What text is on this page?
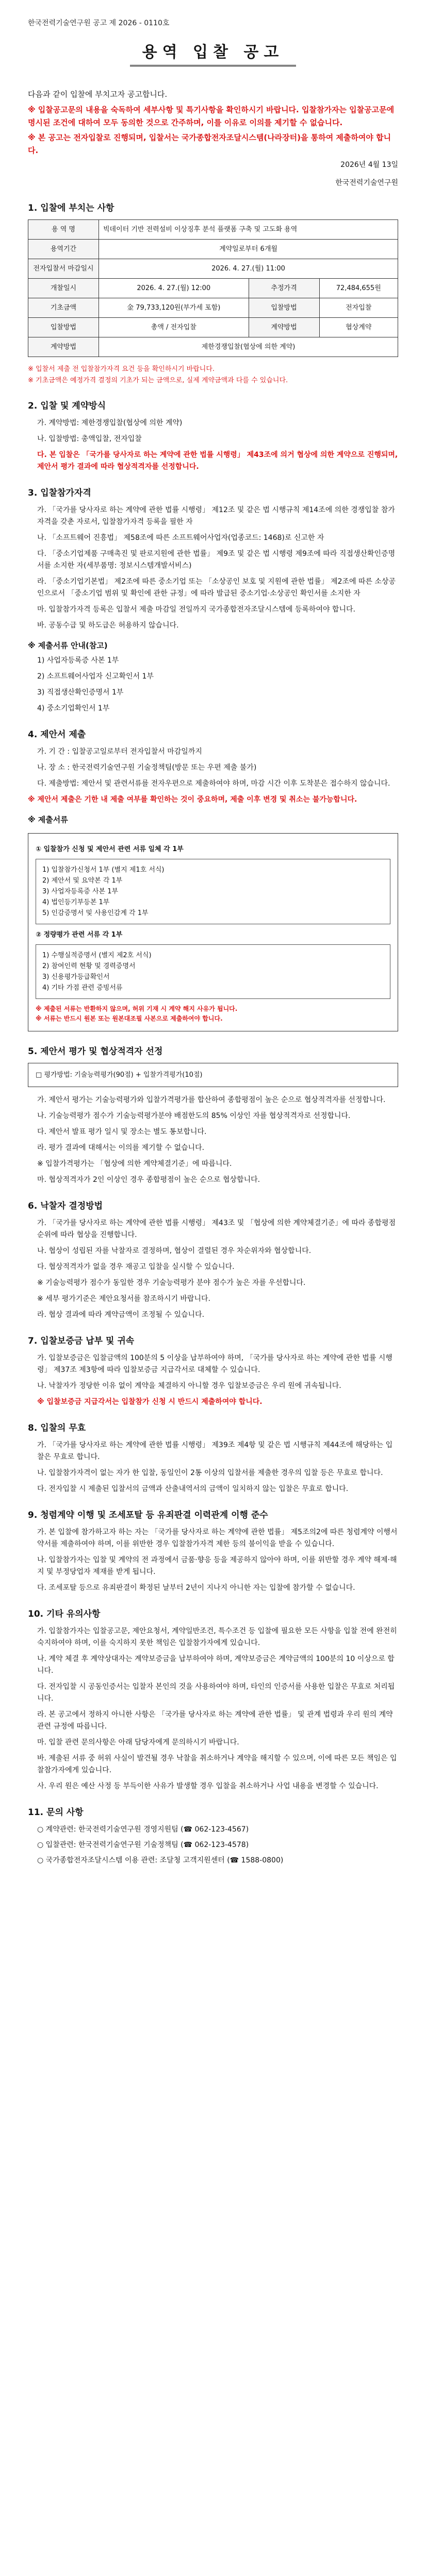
한국전력기술연구원 공고 제 2026 - 0110호
용역 입찰 공고

다음과 같이 입찰에 부치고자 공고합니다.

※ 입찰공고문의 내용을 숙독하여 세부사항 및 특기사항을 확인하시기 바랍니다. 입찰참가자는 입찰공고문에 명시된 조건에 대하여 모두 동의한 것으로 간주하며, 이를 이유로 이의를 제기할 수 없습니다.

※ 본 공고는 전자입찰로 진행되며, 입찰서는 국가종합전자조달시스템(나라장터)을 통하여 제출하여야 합니다.

2026년 4월 13일
한국전력기술연구원
1. 입찰에 부치는 사항
용 역 명	빅데이터 기반 전력설비 이상징후 분석 플랫폼 구축 및 고도화 용역		
용역기간	계약일로부터 6개월		
전자입찰서 마감일시	2026. 4. 27.(월) 11:00		
개찰일시	2026. 4. 27.(월) 12:00	추정가격	72,484,655원
기초금액	金 79,733,120원(부가세 포함)	입찰방법	전자입찰
입찰방법	총액 / 전자입찰	계약방법	협상계약
계약방법	제한경쟁입찰(협상에 의한 계약)		
※ 입찰서 제출 전 입찰참가자격 요건 등을 확인하시기 바랍니다.
※ 기초금액은 예정가격 결정의 기초가 되는 금액으로, 실제 계약금액과 다를 수 있습니다.
2. 입찰 및 계약방식

가. 계약방법: 제한경쟁입찰(협상에 의한 계약)

나. 입찰방법: 총액입찰, 전자입찰

다. 본 입찰은 「국가를 당사자로 하는 계약에 관한 법률 시행령」 제43조에 의거 협상에 의한 계약으로 진행되며, 제안서 평가 결과에 따라 협상적격자를 선정합니다.

3. 입찰참가자격

가. 「국가를 당사자로 하는 계약에 관한 법률 시행령」 제12조 및 같은 법 시행규칙 제14조에 의한 경쟁입찰 참가자격을 갖춘 자로서, 입찰참가자격 등록을 필한 자

나. 「소프트웨어 진흥법」 제58조에 따른 소프트웨어사업자(업종코드: 1468)로 신고한 자

다. 「중소기업제품 구매촉진 및 판로지원에 관한 법률」 제9조 및 같은 법 시행령 제9조에 따라 직접생산확인증명서를 소지한 자(세부품명: 정보시스템개발서비스)

라. 「중소기업기본법」 제2조에 따른 중소기업 또는 「소상공인 보호 및 지원에 관한 법률」 제2조에 따른 소상공인으로서 「중소기업 범위 및 확인에 관한 규정」에 따라 발급된 중소기업·소상공인 확인서를 소지한 자

마. 입찰참가자격 등록은 입찰서 제출 마감일 전일까지 국가종합전자조달시스템에 등록하여야 합니다.

바. 공동수급 및 하도급은 허용하지 않습니다.

※ 제출서류 안내(참고)

1) 사업자등록증 사본 1부

2) 소프트웨어사업자 신고확인서 1부

3) 직접생산확인증명서 1부

4) 중소기업확인서 1부

4. 제안서 제출

가. 기 간 : 입찰공고일로부터 전자입찰서 마감일까지

나. 장 소 : 한국전력기술연구원 기술정책팀(방문 또는 우편 제출 불가)

다. 제출방법: 제안서 및 관련서류를 전자우편으로 제출하여야 하며, 마감 시간 이후 도착분은 접수하지 않습니다.

※ 제안서 제출은 기한 내 제출 여부를 확인하는 것이 중요하며, 제출 이후 변경 및 취소는 불가능합니다.

※ 제출서류
① 입찰참가 신청 및 제안서 관련 서류 일체 각 1부
1) 입찰참가신청서 1부 (별지 제1호 서식)
2) 제안서 및 요약본 각 1부
3) 사업자등록증 사본 1부
4) 법인등기부등본 1부
5) 인감증명서 및 사용인감계 각 1부
② 정량평가 관련 서류 각 1부
1) 수행실적증명서 (별지 제2호 서식)
2) 참여인력 현황 및 경력증명서
3) 신용평가등급확인서
4) 기타 가점 관련 증빙서류
※ 제출된 서류는 반환하지 않으며, 허위 기재 시 계약 해지 사유가 됩니다.
※ 서류는 반드시 원본 또는 원본대조필 사본으로 제출하여야 합니다.
5. 제안서 평가 및 협상적격자 선정
□ 평가방법: 기술능력평가(90점) + 입찰가격평가(10점)

가. 제안서 평가는 기술능력평가와 입찰가격평가를 합산하여 종합평점이 높은 순으로 협상적격자를 선정합니다.

나. 기술능력평가 점수가 기술능력평가분야 배점한도의 85% 이상인 자를 협상적격자로 선정합니다.

다. 제안서 발표 평가 일시 및 장소는 별도 통보합니다.

라. 평가 결과에 대해서는 이의를 제기할 수 없습니다.

※ 입찰가격평가는 「협상에 의한 계약체결기준」에 따릅니다.

마. 협상적격자가 2인 이상인 경우 종합평점이 높은 순으로 협상합니다.

6. 낙찰자 결정방법

가. 「국가를 당사자로 하는 계약에 관한 법률 시행령」 제43조 및 「협상에 의한 계약체결기준」에 따라 종합평점 순위에 따라 협상을 진행합니다.

나. 협상이 성립된 자를 낙찰자로 결정하며, 협상이 결렬된 경우 차순위자와 협상합니다.

다. 협상적격자가 없을 경우 재공고 입찰을 실시할 수 있습니다.

※ 기술능력평가 점수가 동일한 경우 기술능력평가 분야 점수가 높은 자를 우선합니다.

※ 세부 평가기준은 제안요청서를 참조하시기 바랍니다.

라. 협상 결과에 따라 계약금액이 조정될 수 있습니다.

7. 입찰보증금 납부 및 귀속

가. 입찰보증금은 입찰금액의 100분의 5 이상을 납부하여야 하며, 「국가를 당사자로 하는 계약에 관한 법률 시행령」 제37조 제3항에 따라 입찰보증금 지급각서로 대체할 수 있습니다.

나. 낙찰자가 정당한 이유 없이 계약을 체결하지 아니할 경우 입찰보증금은 우리 원에 귀속됩니다.

※ 입찰보증금 지급각서는 입찰참가 신청 시 반드시 제출하여야 합니다.

8. 입찰의 무효

가. 「국가를 당사자로 하는 계약에 관한 법률 시행령」 제39조 제4항 및 같은 법 시행규칙 제44조에 해당하는 입찰은 무효로 합니다.

나. 입찰참가자격이 없는 자가 한 입찰, 동일인이 2통 이상의 입찰서를 제출한 경우의 입찰 등은 무효로 합니다.

다. 전자입찰 시 제출된 입찰서의 금액과 산출내역서의 금액이 일치하지 않는 입찰은 무효로 합니다.

9. 청렴계약 이행 및 조세포탈 등 유죄판결 이력관계 이행 준수

가. 본 입찰에 참가하고자 하는 자는 「국가를 당사자로 하는 계약에 관한 법률」 제5조의2에 따른 청렴계약 이행서약서를 제출하여야 하며, 이를 위반한 경우 입찰참가자격 제한 등의 불이익을 받을 수 있습니다.

나. 입찰참가자는 입찰 및 계약의 전 과정에서 금품·향응 등을 제공하지 않아야 하며, 이를 위반할 경우 계약 해제·해지 및 부정당업자 제재를 받게 됩니다.

다. 조세포탈 등으로 유죄판결이 확정된 날부터 2년이 지나지 아니한 자는 입찰에 참가할 수 없습니다.

10. 기타 유의사항

가. 입찰참가자는 입찰공고문, 제안요청서, 계약일반조건, 특수조건 등 입찰에 필요한 모든 사항을 입찰 전에 완전히 숙지하여야 하며, 이를 숙지하지 못한 책임은 입찰참가자에게 있습니다.

나. 계약 체결 후 계약상대자는 계약보증금을 납부하여야 하며, 계약보증금은 계약금액의 100분의 10 이상으로 합니다.

다. 전자입찰 시 공동인증서는 입찰자 본인의 것을 사용하여야 하며, 타인의 인증서를 사용한 입찰은 무효로 처리됩니다.

라. 본 공고에서 정하지 아니한 사항은 「국가를 당사자로 하는 계약에 관한 법률」 및 관계 법령과 우리 원의 계약 관련 규정에 따릅니다.

마. 입찰 관련 문의사항은 아래 담당자에게 문의하시기 바랍니다.

바. 제출된 서류 중 허위 사실이 발견될 경우 낙찰을 취소하거나 계약을 해지할 수 있으며, 이에 따른 모든 책임은 입찰참가자에게 있습니다.

사. 우리 원은 예산 사정 등 부득이한 사유가 발생할 경우 입찰을 취소하거나 사업 내용을 변경할 수 있습니다.

11. 문의 사항

○ 계약관련: 한국전력기술연구원 경영지원팀 (☎ 062-123-4567)

○ 입찰관련: 한국전력기술연구원 기술정책팀 (☎ 062-123-4578)

○ 국가종합전자조달시스템 이용 관련: 조달청 고객지원센터 (☎ 1588-0800)
